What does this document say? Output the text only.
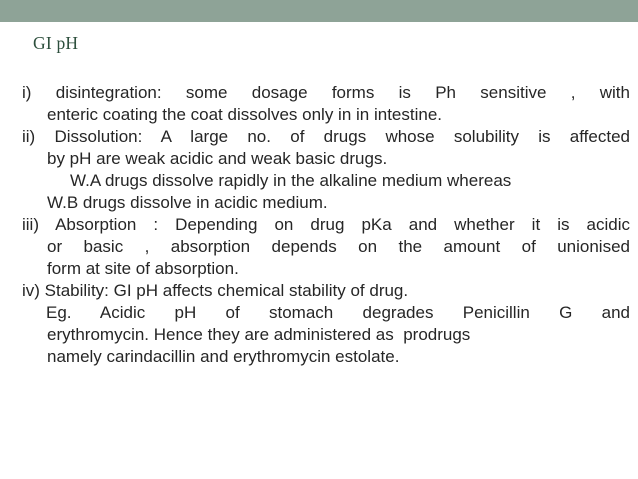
GI pH
i) disintegration: some dosage forms is Ph sensitive , with
enteric coating the coat dissolves only in in intestine.
ii) Dissolution: A large no. of drugs whose solubility is affected
by pH are weak acidic and weak basic drugs.
W.A drugs dissolve rapidly in the alkaline medium whereas
W.B drugs dissolve in acidic medium.
iii) Absorption : Depending on drug pKa and whether it is acidic
or basic , absorption depends on the amount of unionised
form at site of absorption.
iv) Stability: GI pH affects chemical stability of drug.
Eg. Acidic pH of stomach degrades Penicillin G and
erythromycin. Hence they are administered as  prodrugs
namely carindacillin and erythromycin estolate.
